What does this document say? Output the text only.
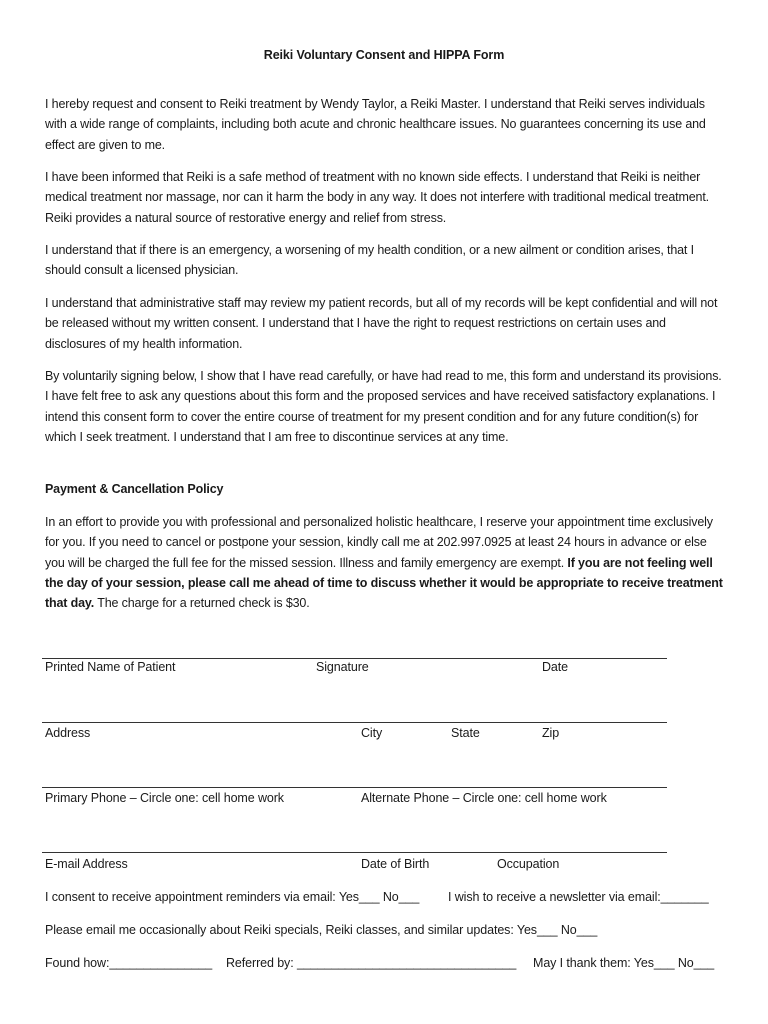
Reiki Voluntary Consent and HIPPA Form
I hereby request and consent to Reiki treatment by Wendy Taylor, a Reiki Master. I understand that Reiki serves individuals with a wide range of complaints, including both acute and chronic healthcare issues. No guarantees concerning its use and effect are given to me.
I have been informed that Reiki is a safe method of treatment with no known side effects. I understand that Reiki is neither medical treatment nor massage, nor can it harm the body in any way. It does not interfere with traditional medical treatment. Reiki provides a natural source of restorative energy and relief from stress.
I understand that if there is an emergency, a worsening of my health condition, or a new ailment or condition arises, that I should consult a licensed physician.
I understand that administrative staff may review my patient records, but all of my records will be kept confidential and will not be released without my written consent. I understand that I have the right to request restrictions on certain uses and disclosures of my health information.
By voluntarily signing below, I show that I have read carefully, or have had read to me, this form and understand its provisions. I have felt free to ask any questions about this form and the proposed services and have received satisfactory explanations. I intend this consent form to cover the entire course of treatment for my present condition and for any future condition(s) for which I seek treatment. I understand that I am free to discontinue services at any time.
Payment & Cancellation Policy
In an effort to provide you with professional and personalized holistic healthcare, I reserve your appointment time exclusively for you. If you need to cancel or postpone your session, kindly call me at 202.997.0925 at least 24 hours in advance or else you will be charged the full fee for the missed session. Illness and family emergency are exempt. If you are not feeling well the day of your session, please call me ahead of time to discuss whether it would be appropriate to receive treatment that day. The charge for a returned check is $30.
Printed Name of Patient	Signature	Date
Address	City	State	Zip
Primary Phone – Circle one: cell home work	Alternate Phone – Circle one: cell home work
E-mail Address	Date of Birth	Occupation
I consent to receive appointment reminders via email: Yes___ No___ I wish to receive a newsletter via email:_______
Please email me occasionally about Reiki specials, Reiki classes, and similar updates: Yes___ No___
Found how:_______________ Referred by: ________________________________ May I thank them: Yes___ No___
